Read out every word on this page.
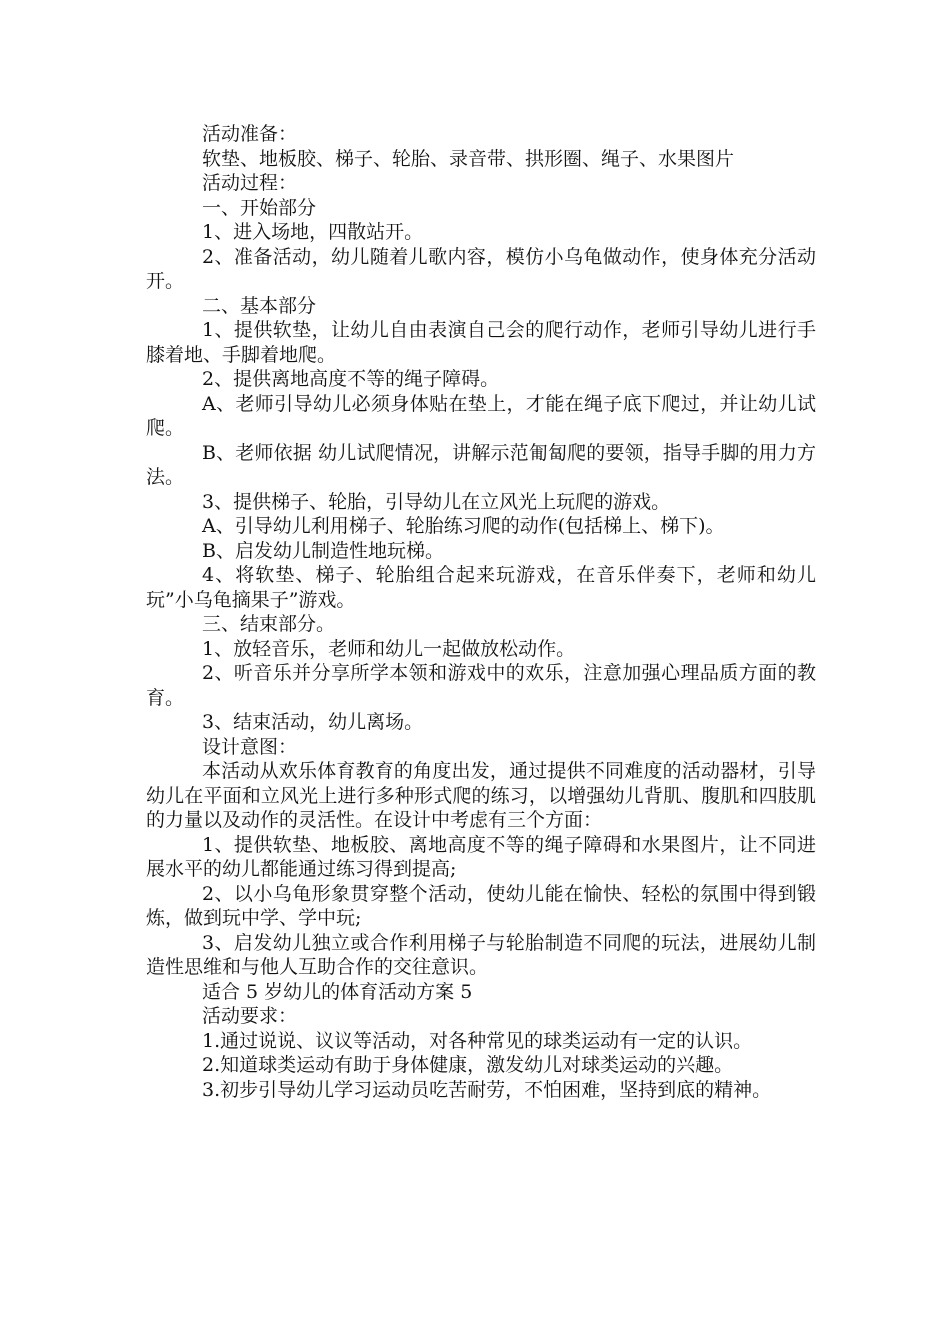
活动准备：

软垫、地板胶、梯子、轮胎、录音带、拱形圈、绳子、水果图片

活动过程：

一、开始部分

1、进入场地，四散站开。

2、准备活动，幼儿随着儿歌内容，模仿小乌龟做动作，使身体充分活动开。

二、基本部分

1、提供软垫，让幼儿自由表演自己会的爬行动作，老师引导幼儿进行手膝着地、手脚着地爬。

2、提供离地高度不等的绳子障碍。

A、老师引导幼儿必须身体贴在垫上，才能在绳子底下爬过，并让幼儿试爬。

B、老师依据 幼儿试爬情况，讲解示范匍匐爬的要领，指导手脚的用力方法。

3、提供梯子、轮胎，引导幼儿在立风光上玩爬的游戏。

A、引导幼儿利用梯子、轮胎练习爬的动作(包括梯上、梯下)。

B、启发幼儿制造性地玩梯。

4、将软垫、梯子、轮胎组合起来玩游戏，在音乐伴奏下，老师和幼儿玩”小乌龟摘果子”游戏。

三、结束部分。

1、放轻音乐，老师和幼儿一起做放松动作。

2、听音乐并分享所学本领和游戏中的欢乐，注意加强心理品质方面的教育。

3、结束活动，幼儿离场。

设计意图：

本活动从欢乐体育教育的角度出发，通过提供不同难度的活动器材，引导幼儿在平面和立风光上进行多种形式爬的练习，以增强幼儿背肌、腹肌和四肢肌的力量以及动作的灵活性。在设计中考虑有三个方面：

1、提供软垫、地板胶、离地高度不等的绳子障碍和水果图片，让不同进展水平的幼儿都能通过练习得到提高;

2、以小乌龟形象贯穿整个活动，使幼儿能在愉快、轻松的氛围中得到锻炼，做到玩中学、学中玩;

3、启发幼儿独立或合作利用梯子与轮胎制造不同爬的玩法，进展幼儿制造性思维和与他人互助合作的交往意识。

适合 5 岁幼儿的体育活动方案 5

活动要求：

1.通过说说、议议等活动，对各种常见的球类运动有一定的认识。

2.知道球类运动有助于身体健康，激发幼儿对球类运动的兴趣。

3.初步引导幼儿学习运动员吃苦耐劳，不怕困难，坚持到底的精神。
